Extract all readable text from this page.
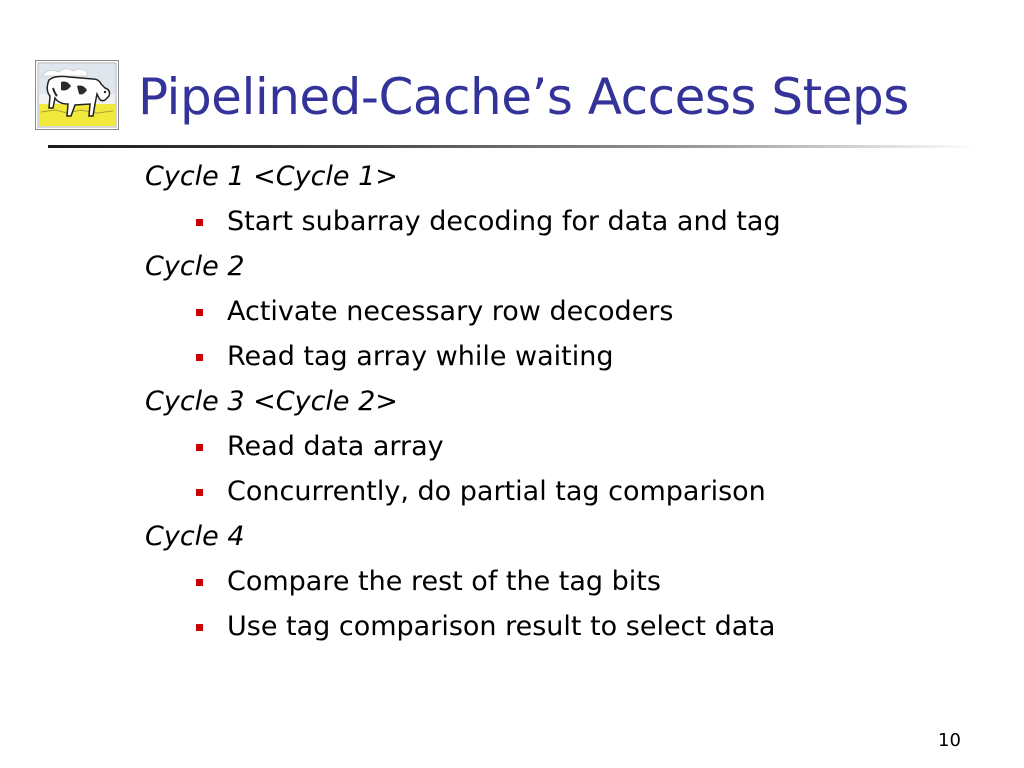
Pipelined-Cache’s Access Steps
Cycle 1 <Cycle 1>
Start subarray decoding for data and tag
Cycle 2
Activate necessary row decoders
Read tag array while waiting
Cycle 3 <Cycle 2>
Read data array
Concurrently, do partial tag comparison
Cycle 4
Compare the rest of the tag bits
Use tag comparison result to select data
10
